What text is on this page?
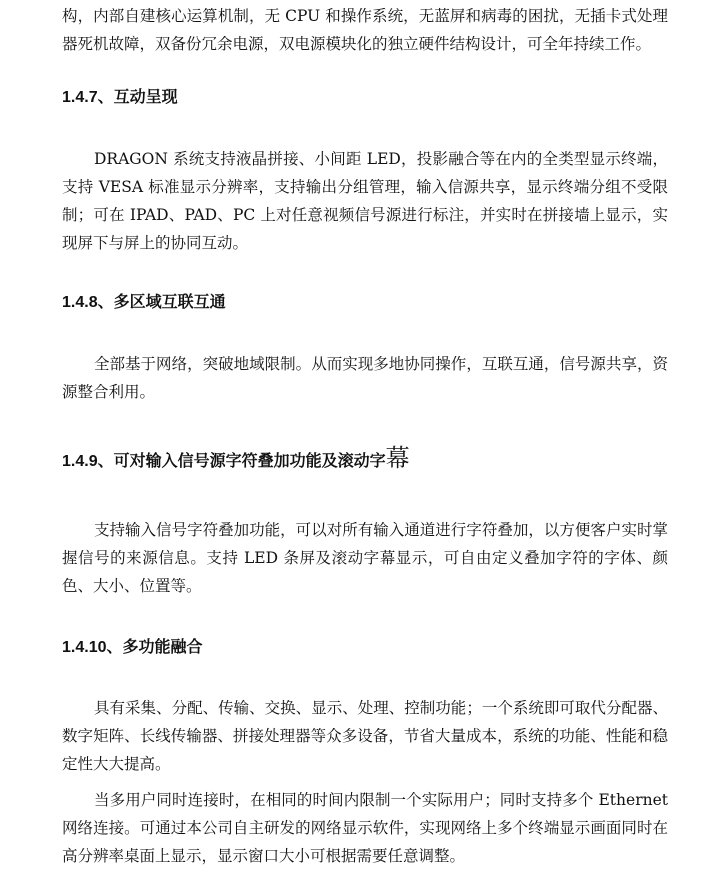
构，内部自建核心运算机制，无 CPU 和操作系统，无蓝屏和病毒的困扰，无插卡式处理器死机故障，双备份冗余电源，双电源模块化的独立硬件结构设计，可全年持续工作。

1.4.7、互动呈现

DRAGON 系统支持液晶拼接、小间距 LED，投影融合等在内的全类型显示终端，支持 VESA 标准显示分辨率，支持输出分组管理，输入信源共享，显示终端分组不受限制；可在 IPAD、PAD、PC 上对任意视频信号源进行标注，并实时在拼接墙上显示，实现屏下与屏上的协同互动。

1.4.8、多区域互联互通

全部基于网络，突破地域限制。从而实现多地协同操作，互联互通，信号源共享，资源整合利用。

1.4.9、可对输入信号源字符叠加功能及滚动字幕

支持输入信号字符叠加功能，可以对所有输入通道进行字符叠加，以方便客户实时掌握信号的来源信息。支持 LED 条屏及滚动字幕显示，可自由定义叠加字符的字体、颜色、大小、位置等。

1.4.10、多功能融合

具有采集、分配、传输、交换、显示、处理、控制功能；一个系统即可取代分配器、数字矩阵、长线传输器、拼接处理器等众多设备，节省大量成本，系统的功能、性能和稳定性大大提高。

当多用户同时连接时，在相同的时间内限制一个实际用户；同时支持多个 Ethernet 网络连接。可通过本公司自主研发的网络显示软件，实现网络上多个终端显示画面同时在高分辨率桌面上显示，显示窗口大小可根据需要任意调整。
